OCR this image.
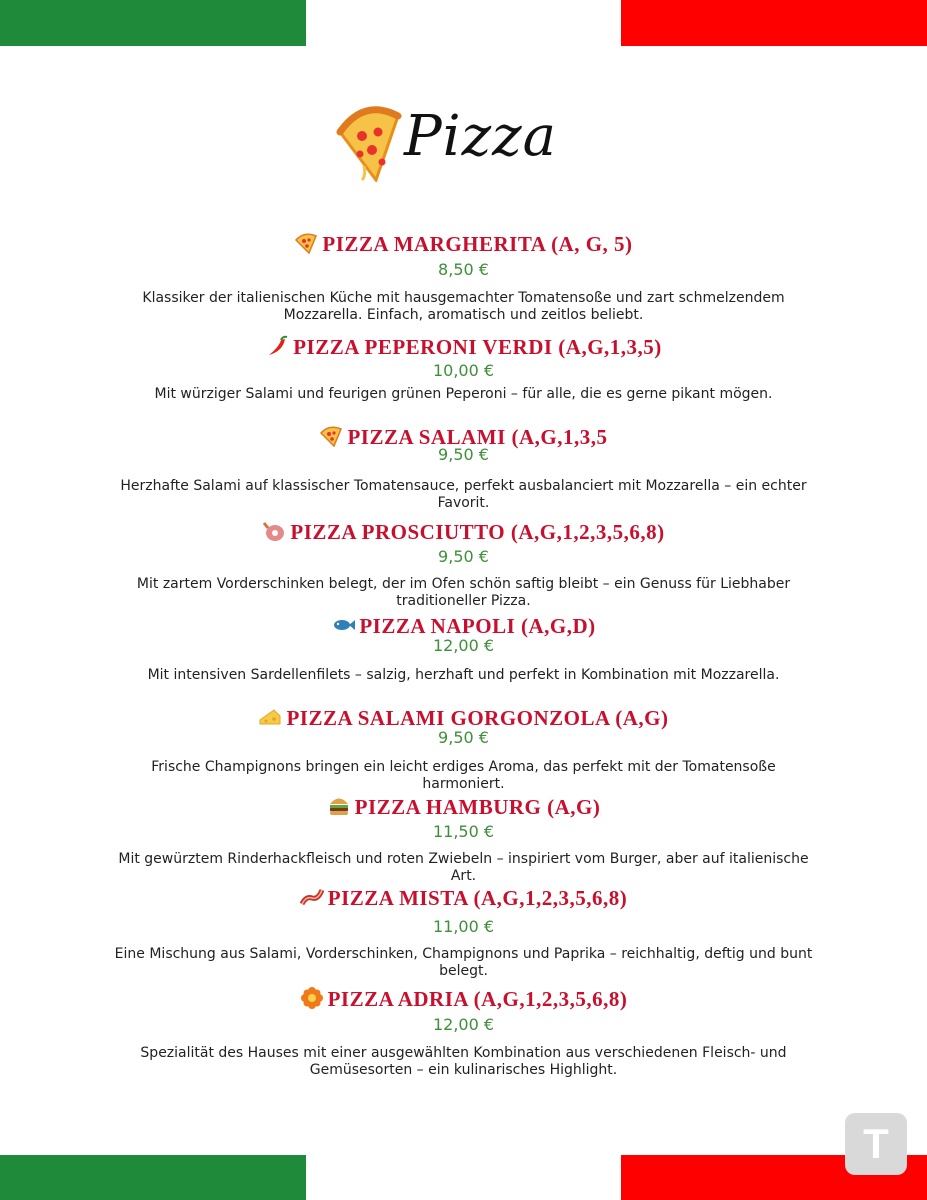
Pizza
PIZZA MARGHERITA (A, G, 5)
8,50 €
Klassiker der italienischen Küche mit hausgemachter Tomatensoße und zart schmelzendem Mozzarella. Einfach, aromatisch und zeitlos beliebt.
PIZZA PEPERONI VERDI (A,G,1,3,5)
10,00 €
Mit würziger Salami und feurigen grünen Peperoni – für alle, die es gerne pikant mögen.
PIZZA SALAMI (A,G,1,3,5
9,50 €
Herzhafte Salami auf klassischer Tomatensauce, perfekt ausbalanciert mit Mozzarella – ein echter Favorit.
PIZZA PROSCIUTTO (A,G,1,2,3,5,6,8)
9,50 €
Mit zartem Vorderschinken belegt, der im Ofen schön saftig bleibt – ein Genuss für Liebhaber traditioneller Pizza.
PIZZA NAPOLI (A,G,D)
12,00 €
Mit intensiven Sardellenfilets – salzig, herzhaft und perfekt in Kombination mit Mozzarella.
PIZZA SALAMI GORGONZOLA (A,G)
9,50 €
Frische Champignons bringen ein leicht erdiges Aroma, das perfekt mit der Tomatensoße harmoniert.
PIZZA HAMBURG (A,G)
11,50 €
Mit gewürztem Rinderhackfleisch und roten Zwiebeln – inspiriert vom Burger, aber auf italienische Art.
PIZZA MISTA (A,G,1,2,3,5,6,8)
11,00 €
Eine Mischung aus Salami, Vorderschinken, Champignons und Paprika – reichhaltig, deftig und bunt belegt.
PIZZA ADRIA (A,G,1,2,3,5,6,8)
12,00 €
Spezialität des Hauses mit einer ausgewählten Kombination aus verschiedenen Fleisch- und Gemüsesorten – ein kulinarisches Highlight.
T
